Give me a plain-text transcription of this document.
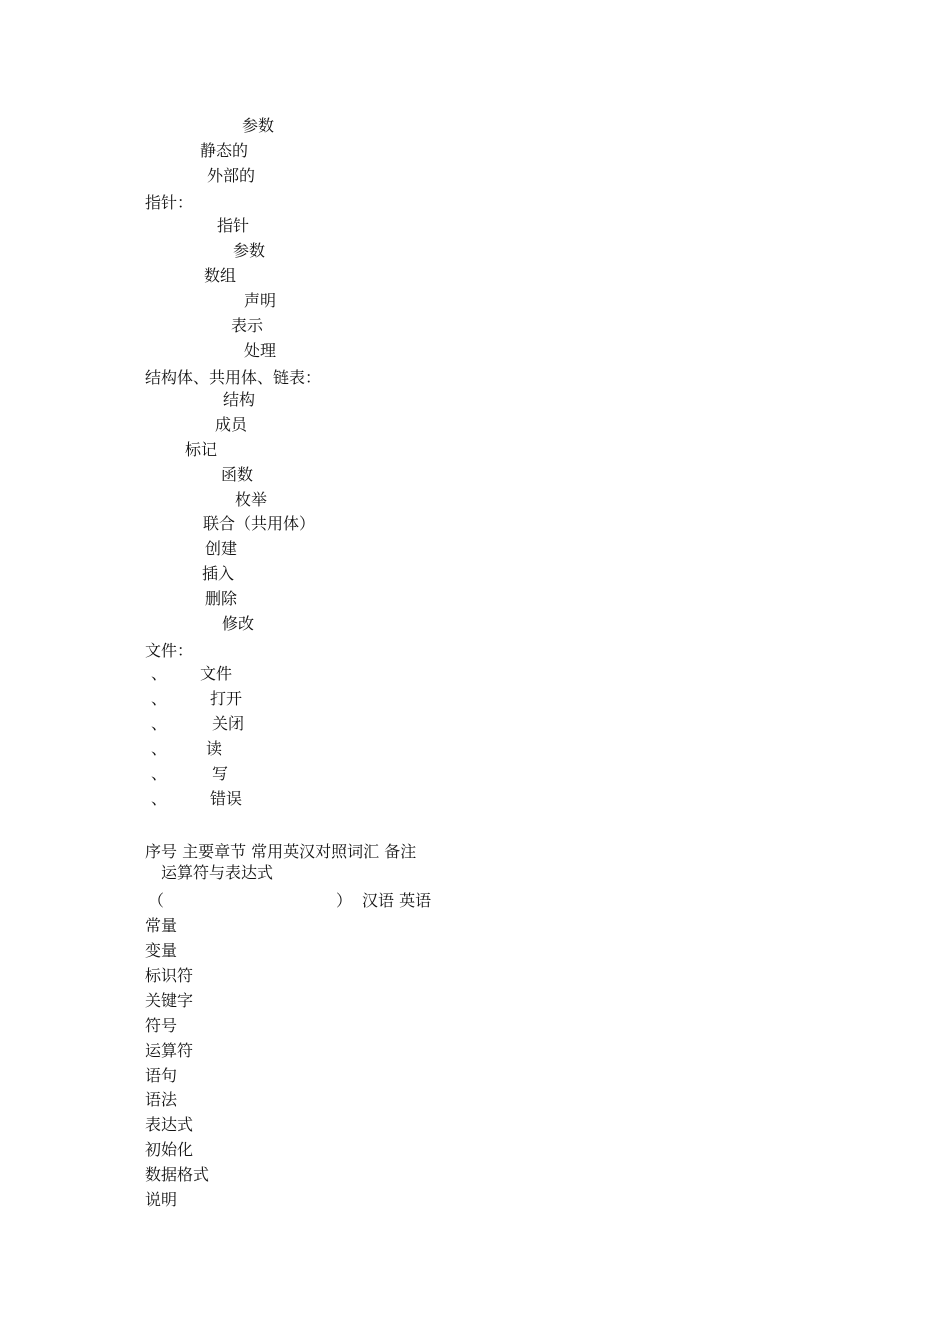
参数
静态的
外部的
指针：
指针
参数
数组
声明
表示
处理
结构体、共用体、链表：
结构
成员
标记
函数
枚举
联合（共用体）
创建
插入
删除
修改
文件：
、 文件
、	打开
、	关闭
、 读
、	写
、	错误
序号 主要章节 常用英汉对照词汇 备注
运算符与表达式
（	） 汉语 英语
常量
变量
标识符
关键字
符号
运算符
语句
语法
表达式
初始化
数据格式
说明
